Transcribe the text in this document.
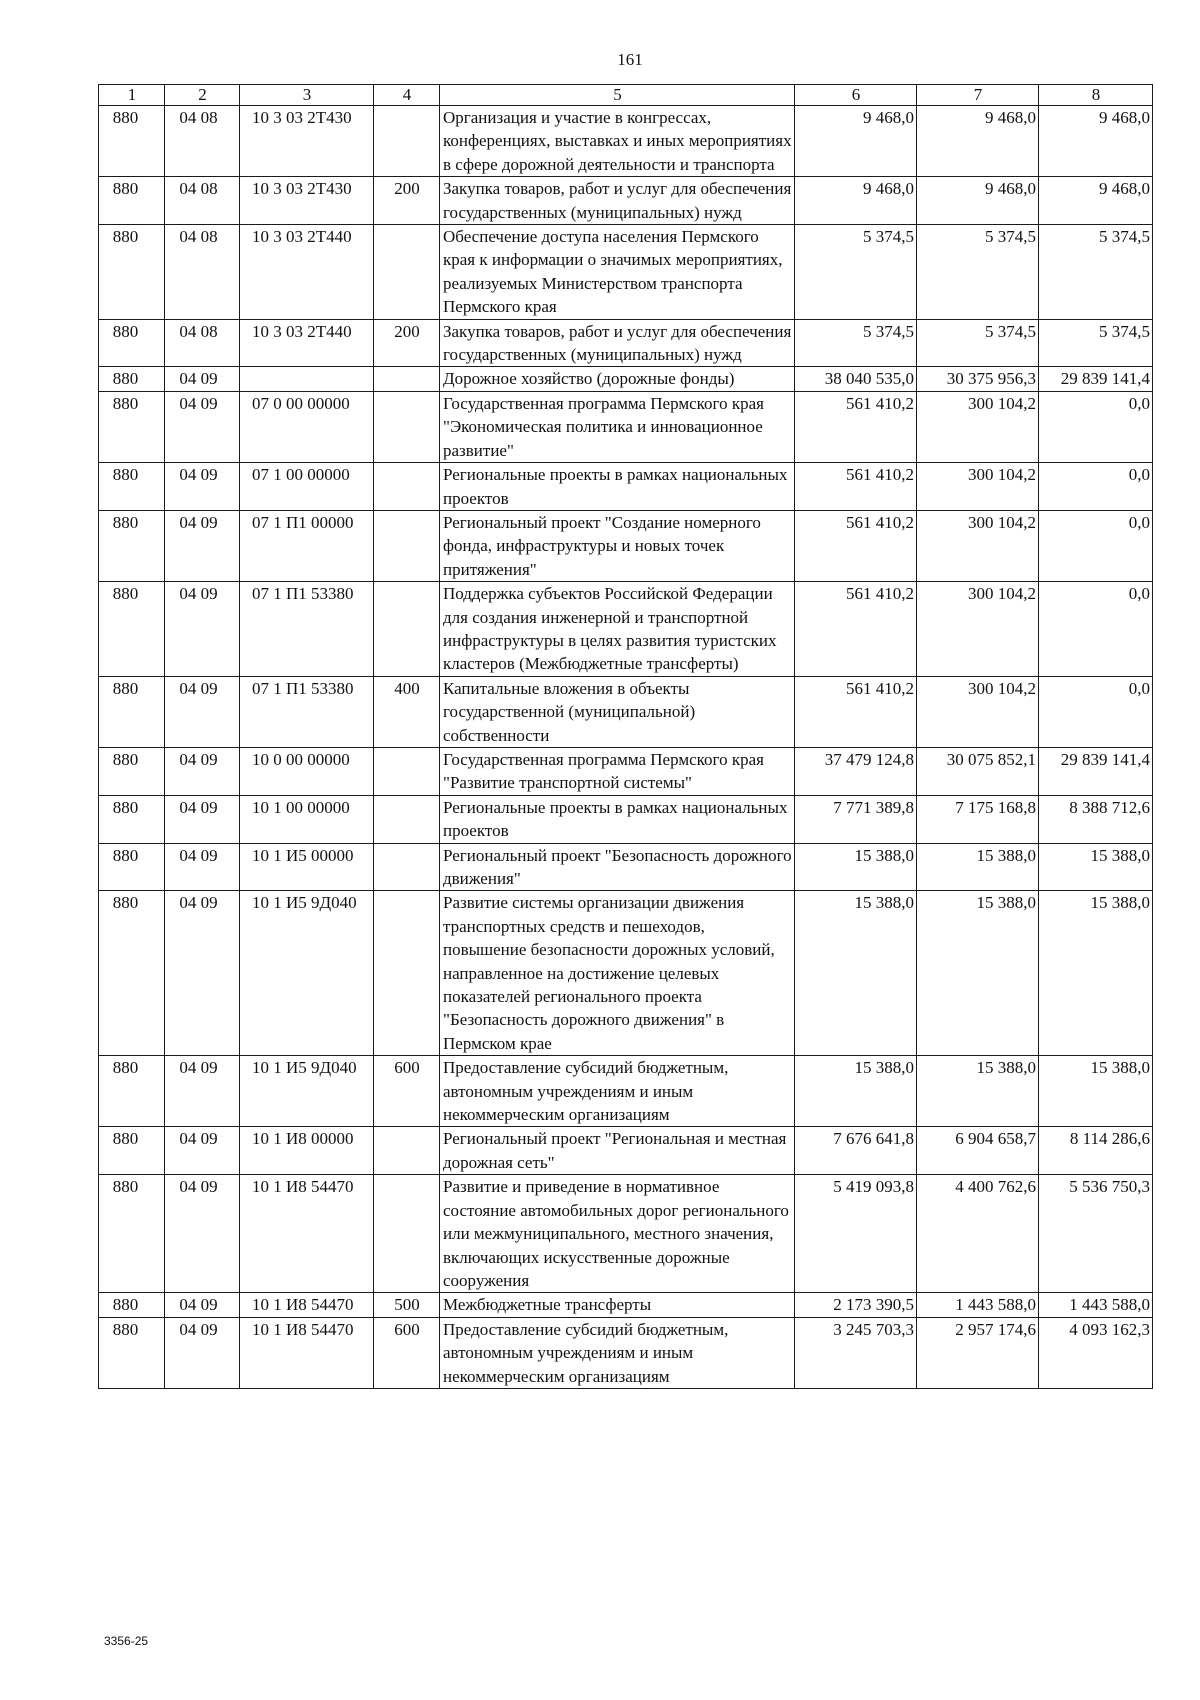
161
1	2	3	4	5	6	7	8
880	04 08	10 3 03 2Т430		Организация и участие в конгрессах, конференциях, выставках и иных мероприятиях в сфере дорожной деятельности и транспорта	9 468,0	9 468,0	9 468,0
880	04 08	10 3 03 2Т430	200	Закупка товаров, работ и услуг для обеспечения государственных (муниципальных) нужд	9 468,0	9 468,0	9 468,0
880	04 08	10 3 03 2Т440		Обеспечение доступа населения Пермского края к информации о значимых мероприятиях, реализуемых Министерством транспорта Пермского края	5 374,5	5 374,5	5 374,5
880	04 08	10 3 03 2Т440	200	Закупка товаров, работ и услуг для обеспечения государственных (муниципальных) нужд	5 374,5	5 374,5	5 374,5
880	04 09			Дорожное хозяйство (дорожные фонды)	38 040 535,0	30 375 956,3	29 839 141,4
880	04 09	07 0 00 00000		Государственная программа Пермского края "Экономическая политика и инновационное развитие"	561 410,2	300 104,2	0,0
880	04 09	07 1 00 00000		Региональные проекты в рамках национальных проектов	561 410,2	300 104,2	0,0
880	04 09	07 1 П1 00000		Региональный проект "Создание номерного фонда, инфраструктуры и новых точек притяжения"	561 410,2	300 104,2	0,0
880	04 09	07 1 П1 53380		Поддержка субъектов Российской Федерации для создания инженерной и транспортной инфраструктуры в целях развития туристских кластеров (Межбюджетные трансферты)	561 410,2	300 104,2	0,0
880	04 09	07 1 П1 53380	400	Капитальные вложения в объекты государственной (муниципальной) собственности	561 410,2	300 104,2	0,0
880	04 09	10 0 00 00000		Государственная программа Пермского края "Развитие транспортной системы"	37 479 124,8	30 075 852,1	29 839 141,4
880	04 09	10 1 00 00000		Региональные проекты в рамках национальных проектов	7 771 389,8	7 175 168,8	8 388 712,6
880	04 09	10 1 И5 00000		Региональный проект "Безопасность дорожного движения"	15 388,0	15 388,0	15 388,0
880	04 09	10 1 И5 9Д040		Развитие системы организации движения транспортных средств и пешеходов, повышение безопасности дорожных условий, направленное на достижение целевых показателей регионального проекта "Безопасность дорожного движения" в Пермском крае	15 388,0	15 388,0	15 388,0
880	04 09	10 1 И5 9Д040	600	Предоставление субсидий бюджетным, автономным учреждениям и иным некоммерческим организациям	15 388,0	15 388,0	15 388,0
880	04 09	10 1 И8 00000		Региональный проект "Региональная и местная дорожная сеть"	7 676 641,8	6 904 658,7	8 114 286,6
880	04 09	10 1 И8 54470		Развитие и приведение в нормативное состояние автомобильных дорог регионального или межмуниципального, местного значения, включающих искусственные дорожные сооружения	5 419 093,8	4 400 762,6	5 536 750,3
880	04 09	10 1 И8 54470	500	Межбюджетные трансферты	2 173 390,5	1 443 588,0	1 443 588,0
880	04 09	10 1 И8 54470	600	Предоставление субсидий бюджетным, автономным учреждениям и иным некоммерческим организациям	3 245 703,3	2 957 174,6	4 093 162,3
3356-25
